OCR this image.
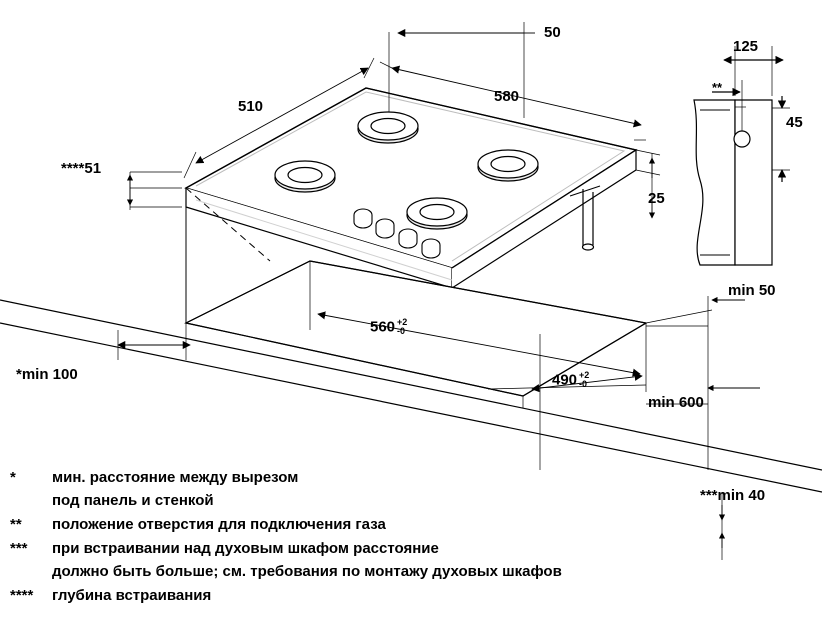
510
580
50
****51
25
560 +2
-0
490 +2
-0
*min 100
min 600
min 50
***min 40
125
45
**
*	мин. расстояние между вырезом
под панель и стенкой
**	положение отверстия для подключения газа
***	при встраивании над духовым шкафом расстояние
должно быть больше; см. требования по монтажу духовых шкафов
****	глубина встраивания
